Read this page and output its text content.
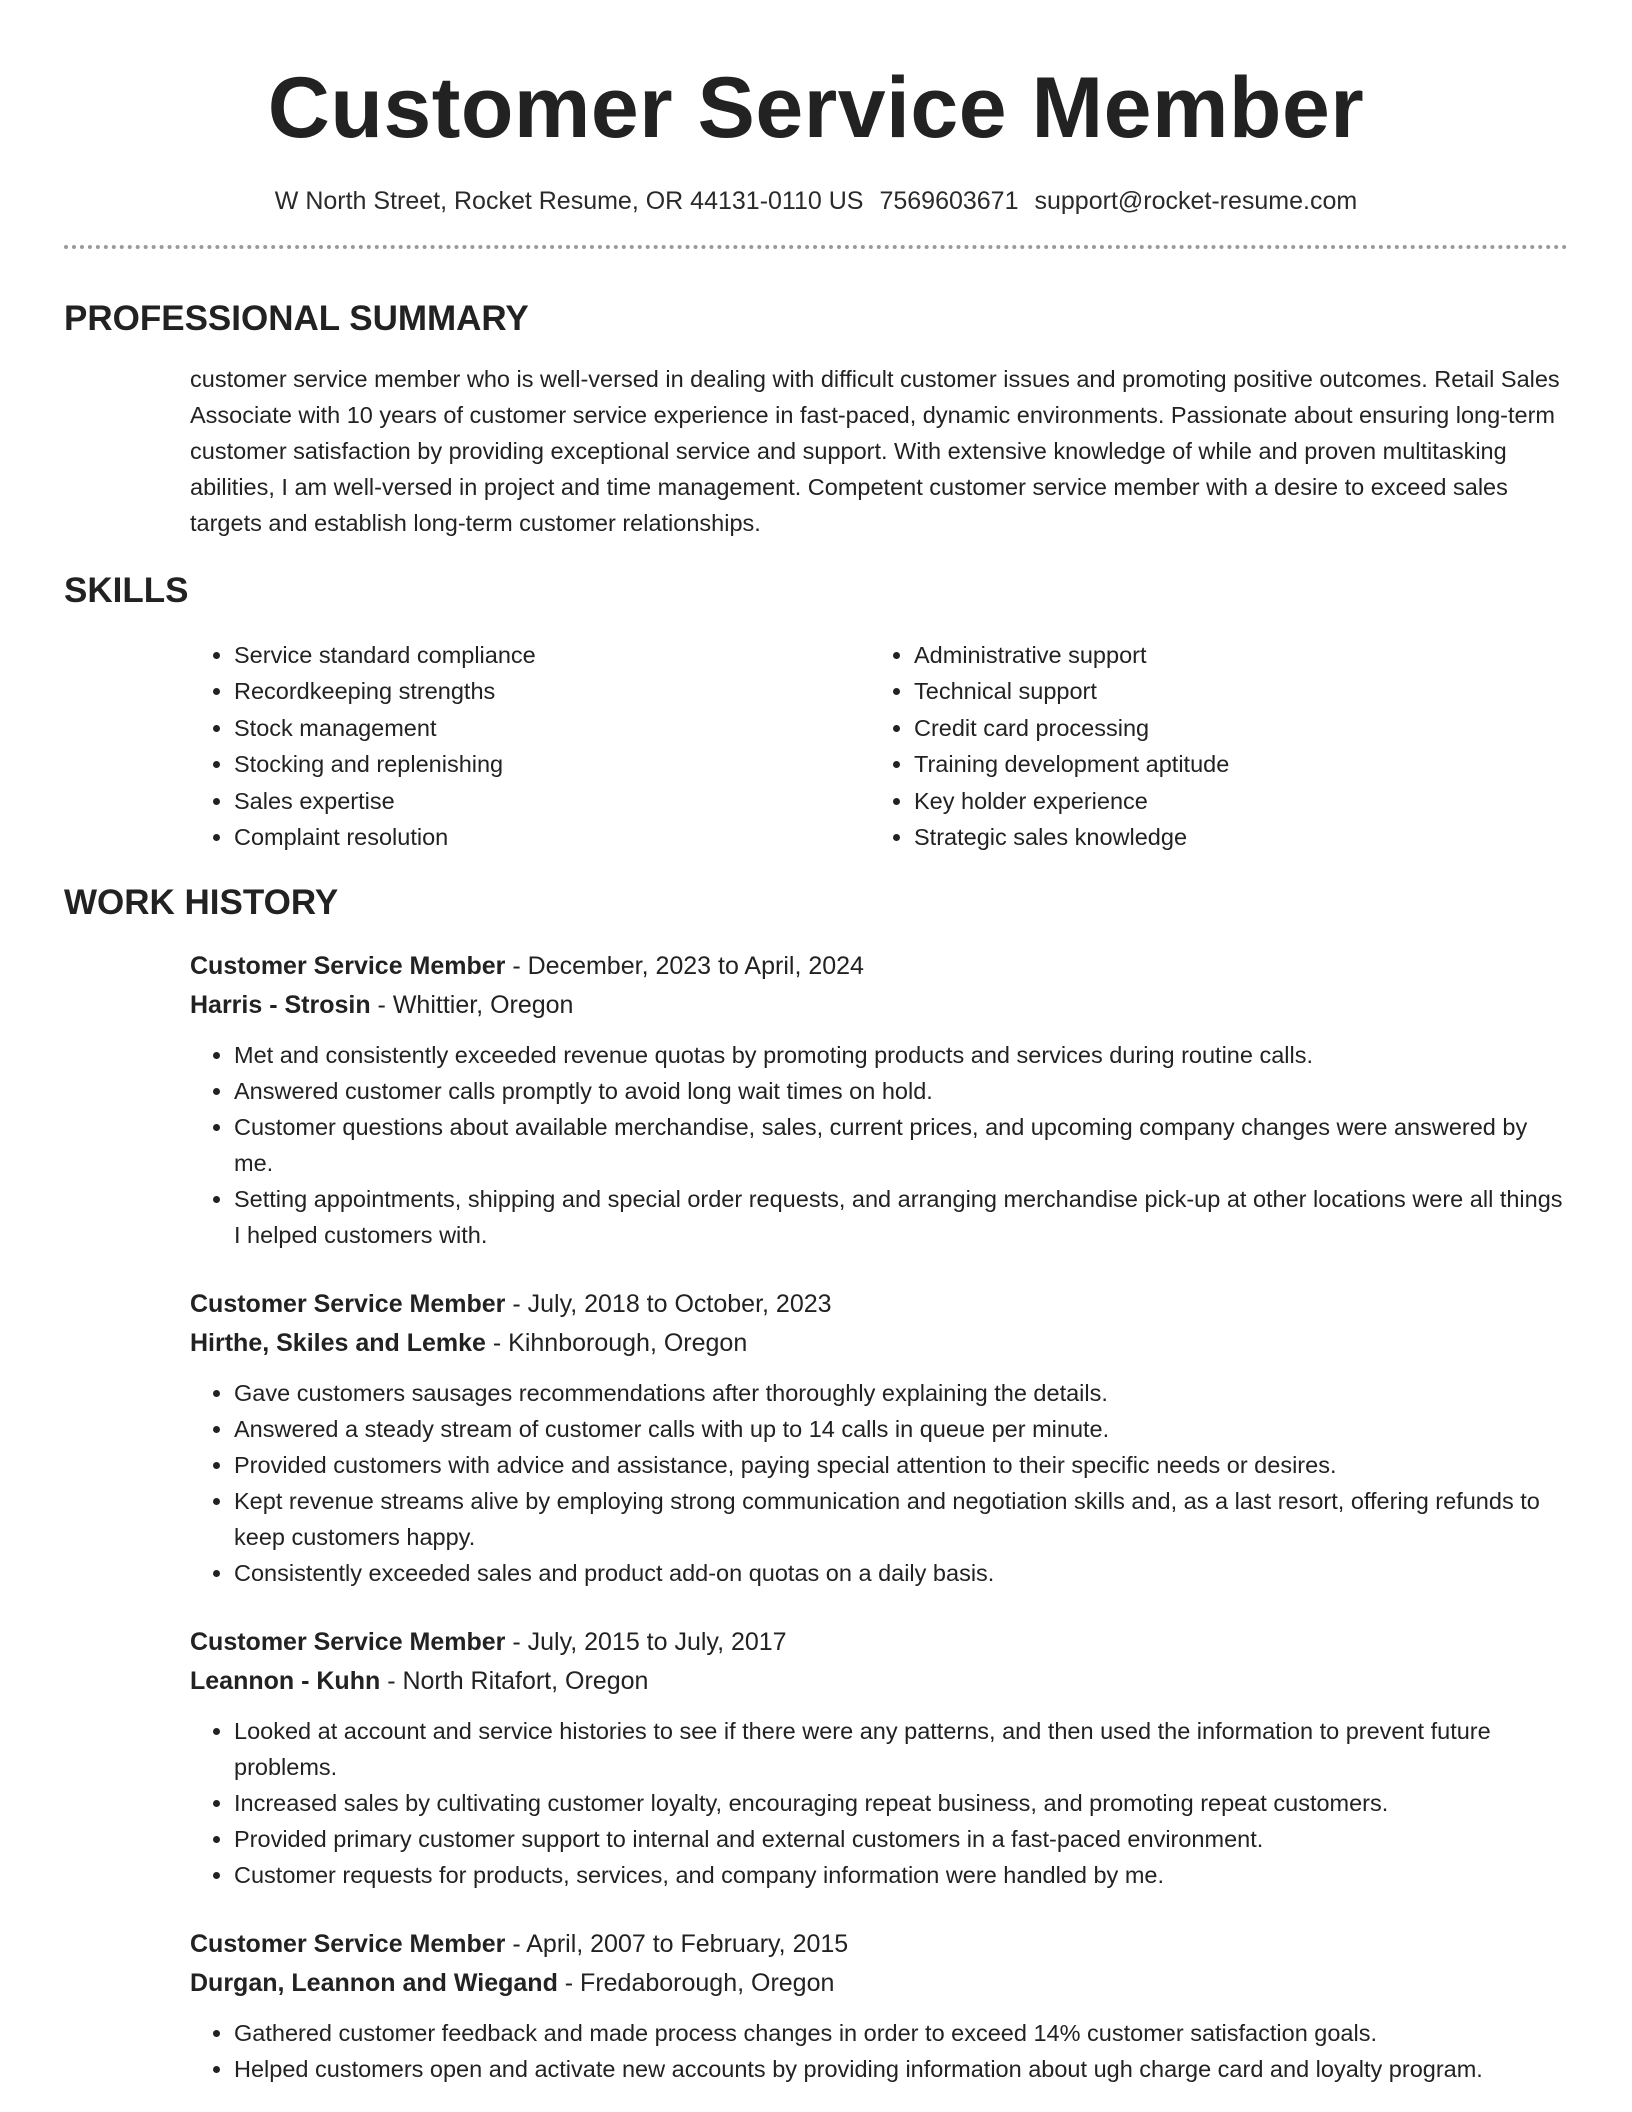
Customer Service Member
W North Street, Rocket Resume, OR 44131-0110 US 7569603671 support@rocket-resume.com
PROFESSIONAL SUMMARY

customer service member who is well-versed in dealing with difficult customer issues and promoting positive outcomes. Retail Sales Associate with 10 years of customer service experience in fast-paced, dynamic environments. Passionate about ensuring long-term customer satisfaction by providing exceptional service and support. With extensive knowledge of while and proven multitasking abilities, I am well-versed in project and time management. Competent customer service member with a desire to exceed sales targets and establish long-term customer relationships.

SKILLS
• Service standard compliance
• Recordkeeping strengths
• Stock management
• Stocking and replenishing
• Sales expertise
• Complaint resolution
• Administrative support
• Technical support
• Credit card processing
• Training development aptitude
• Key holder experience
• Strategic sales knowledge
WORK HISTORY
Customer Service Member - December, 2023 to April, 2024
Harris - Strosin - Whittier, Oregon
• Met and consistently exceeded revenue quotas by promoting products and services during routine calls.
• Answered customer calls promptly to avoid long wait times on hold.
• Customer questions about available merchandise, sales, current prices, and upcoming company changes were answered by me.
• Setting appointments, shipping and special order requests, and arranging merchandise pick-up at other locations were all things I helped customers with.
Customer Service Member - July, 2018 to October, 2023
Hirthe, Skiles and Lemke - Kihnborough, Oregon
• Gave customers sausages recommendations after thoroughly explaining the details.
• Answered a steady stream of customer calls with up to 14 calls in queue per minute.
• Provided customers with advice and assistance, paying special attention to their specific needs or desires.
• Kept revenue streams alive by employing strong communication and negotiation skills and, as a last resort, offering refunds to keep customers happy.
• Consistently exceeded sales and product add-on quotas on a daily basis.
Customer Service Member - July, 2015 to July, 2017
Leannon - Kuhn - North Ritafort, Oregon
• Looked at account and service histories to see if there were any patterns, and then used the information to prevent future problems.
• Increased sales by cultivating customer loyalty, encouraging repeat business, and promoting repeat customers.
• Provided primary customer support to internal and external customers in a fast-paced environment.
• Customer requests for products, services, and company information were handled by me.
Customer Service Member - April, 2007 to February, 2015
Durgan, Leannon and Wiegand - Fredaborough, Oregon
• Gathered customer feedback and made process changes in order to exceed 14% customer satisfaction goals.
• Helped customers open and activate new accounts by providing information about ugh charge card and loyalty program.
